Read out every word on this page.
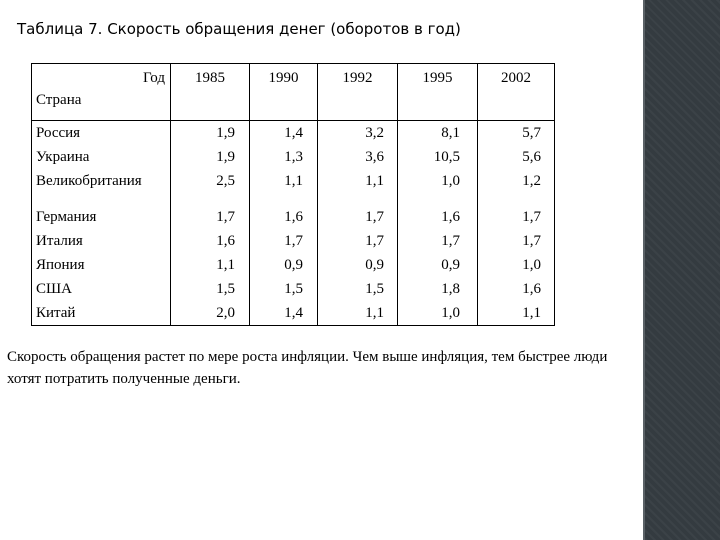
Таблица 7. Скорость обращения денег (оборотов в год)
Год
Страна	1985	1990	1992	1995	2002
Россия	1,9	1,4	3,2	8,1	5,7
Украина	1,9	1,3	3,6	10,5	5,6
Великобритания	2,5	1,1	1,1	1,0	1,2

Германия	1,7	1,6	1,7	1,6	1,7
Италия	1,6	1,7	1,7	1,7	1,7
Япония	1,1	0,9	0,9	0,9	1,0
США	1,5	1,5	1,5	1,8	1,6
Китай	2,0	1,4	1,1	1,0	1,1
Скорость обращения растет по мере роста инфляции. Чем выше инфляция, тем быстрее люди хотят потратить полученные деньги.
